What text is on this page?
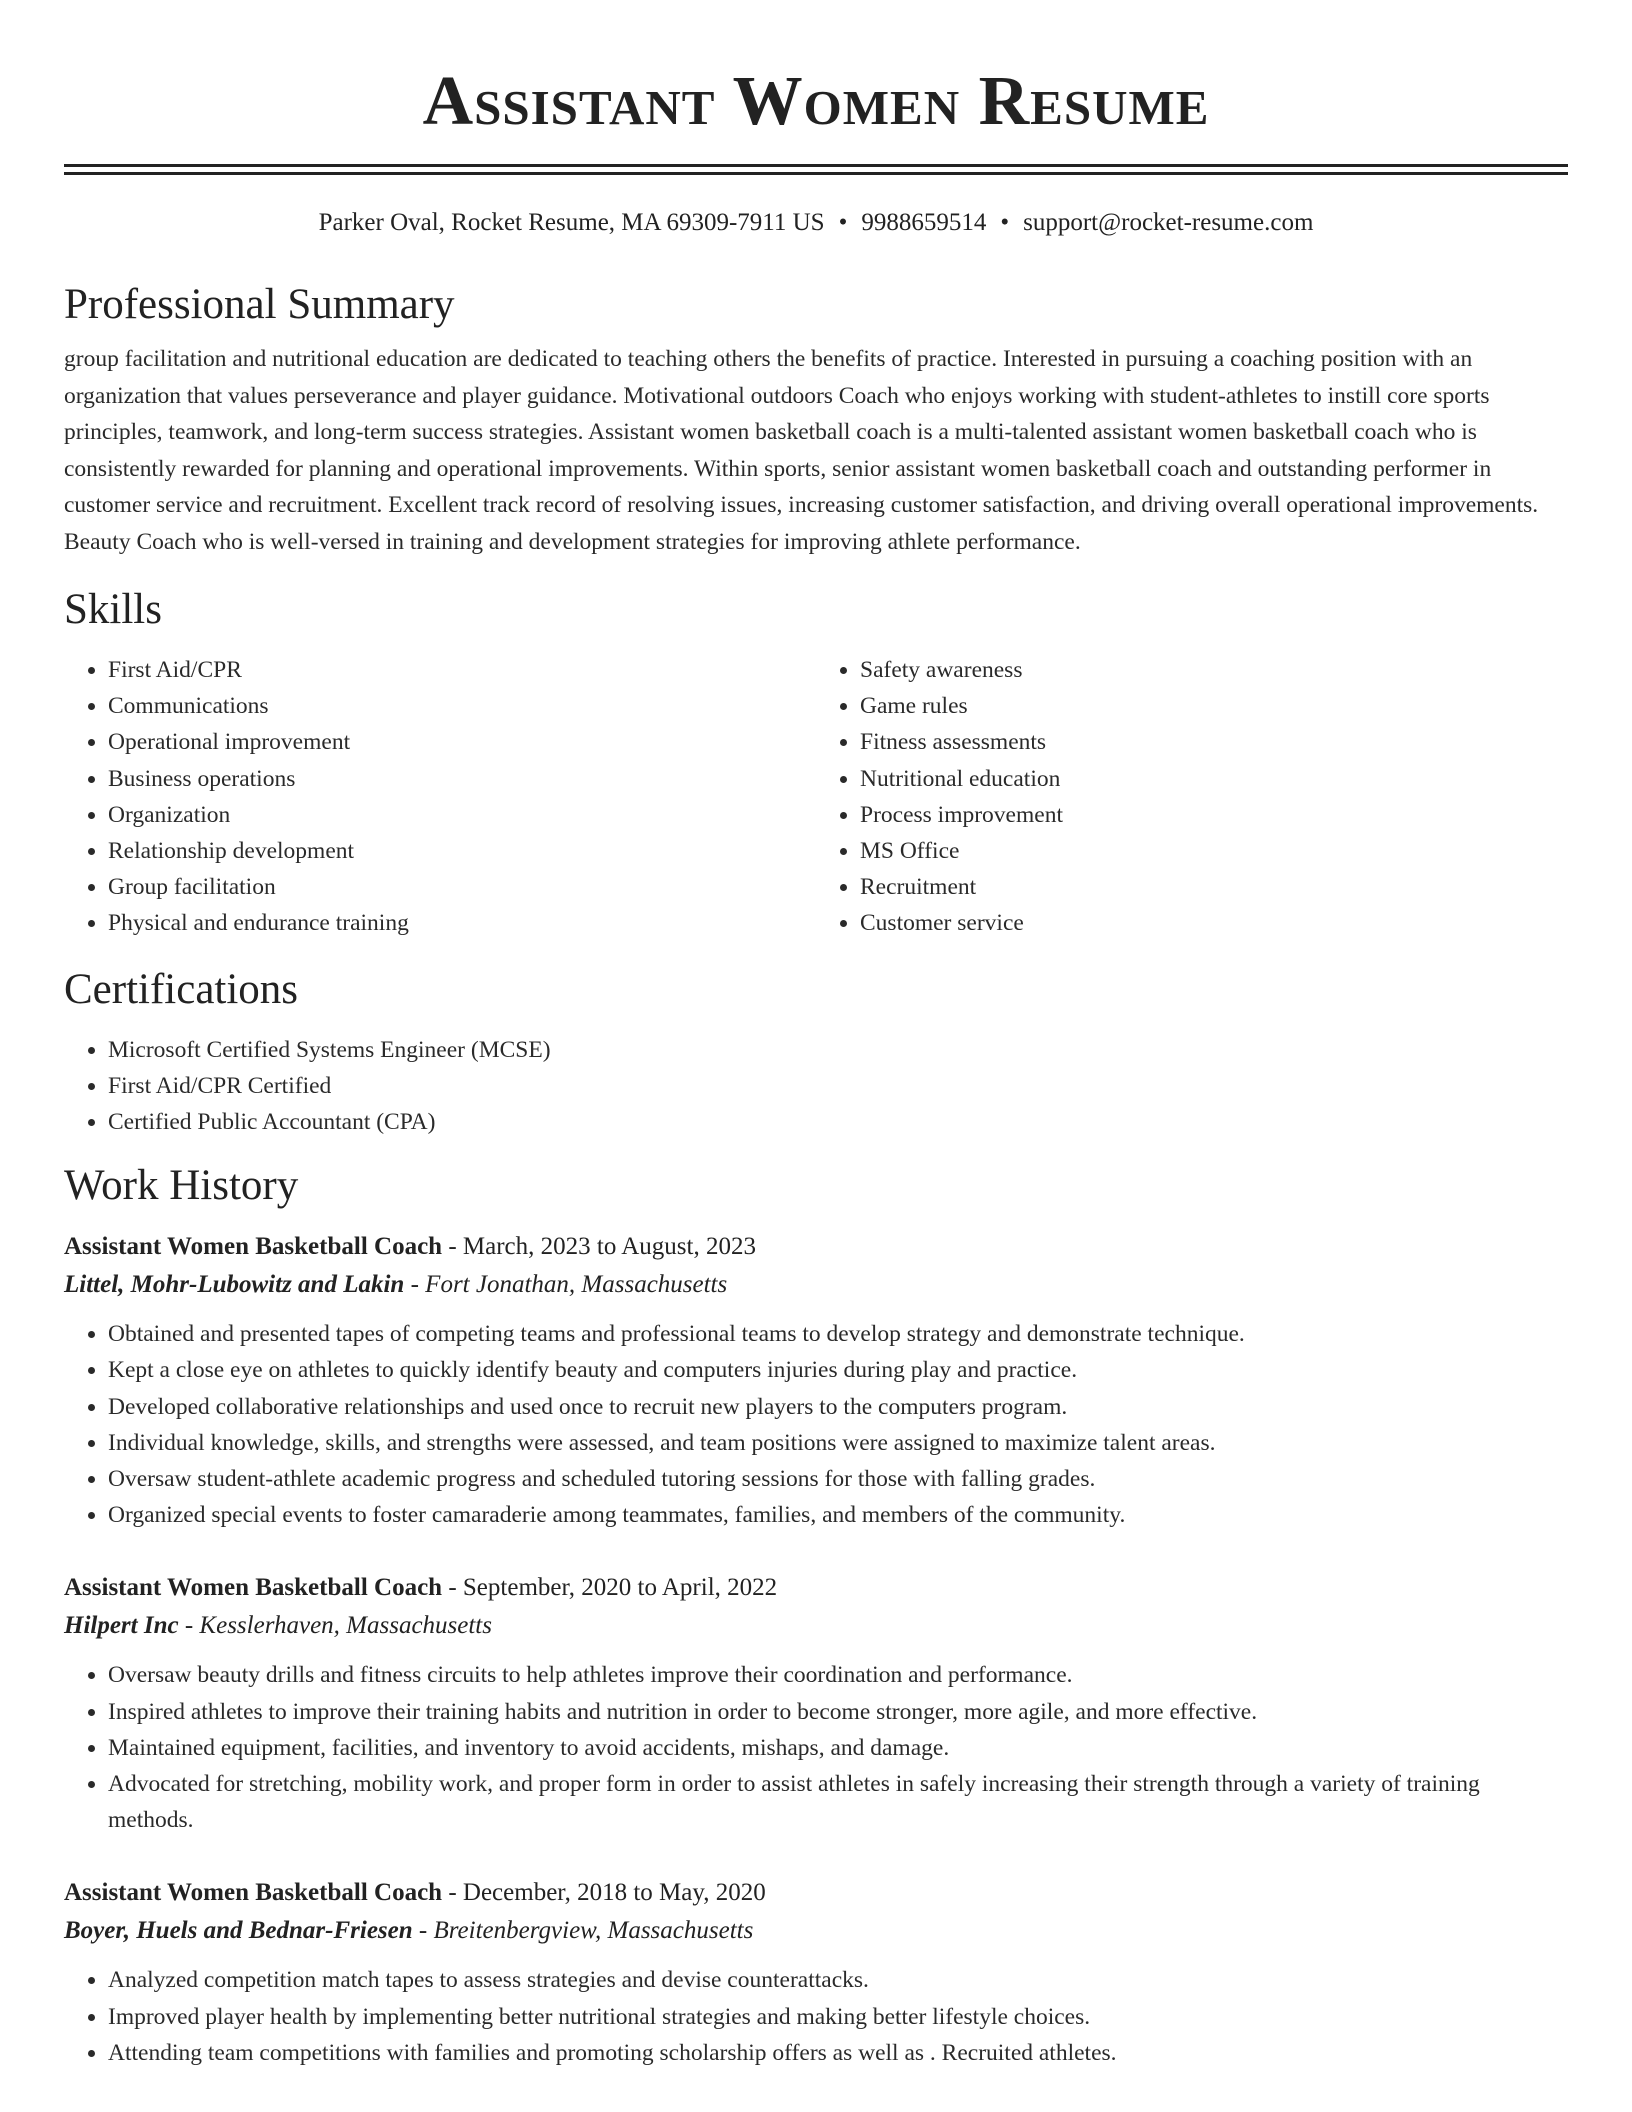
Assistant Women Resume
Parker Oval, Rocket Resume, MA 69309-7911 US • 9988659514 • support@rocket-resume.com
Professional Summary

group facilitation and nutritional education are dedicated to teaching others the benefits of practice. Interested in pursuing a coaching position with an organization that values perseverance and player guidance. Motivational outdoors Coach who enjoys working with student-athletes to instill core sports principles, teamwork, and long-term success strategies. Assistant women basketball coach is a multi-talented assistant women basketball coach who is consistently rewarded for planning and operational improvements. Within sports, senior assistant women basketball coach and outstanding performer in customer service and recruitment. Excellent track record of resolving issues, increasing customer satisfaction, and driving overall operational improvements. Beauty Coach who is well-versed in training and development strategies for improving athlete performance.

Skills
• First Aid/CPR
• Communications
• Operational improvement
• Business operations
• Organization
• Relationship development
• Group facilitation
• Physical and endurance training
• Safety awareness
• Game rules
• Fitness assessments
• Nutritional education
• Process improvement
• MS Office
• Recruitment
• Customer service
Certifications
• Microsoft Certified Systems Engineer (MCSE)
• First Aid/CPR Certified
• Certified Public Accountant (CPA)
Work History
Assistant Women Basketball Coach - March, 2023 to August, 2023
Littel, Mohr-Lubowitz and Lakin - Fort Jonathan, Massachusetts
• Obtained and presented tapes of competing teams and professional teams to develop strategy and demonstrate technique.
• Kept a close eye on athletes to quickly identify beauty and computers injuries during play and practice.
• Developed collaborative relationships and used once to recruit new players to the computers program.
• Individual knowledge, skills, and strengths were assessed, and team positions were assigned to maximize talent areas.
• Oversaw student-athlete academic progress and scheduled tutoring sessions for those with falling grades.
• Organized special events to foster camaraderie among teammates, families, and members of the community.
Assistant Women Basketball Coach - September, 2020 to April, 2022
Hilpert Inc - Kesslerhaven, Massachusetts
• Oversaw beauty drills and fitness circuits to help athletes improve their coordination and performance.
• Inspired athletes to improve their training habits and nutrition in order to become stronger, more agile, and more effective.
• Maintained equipment, facilities, and inventory to avoid accidents, mishaps, and damage.
• Advocated for stretching, mobility work, and proper form in order to assist athletes in safely increasing their strength through a variety of training methods.
Assistant Women Basketball Coach - December, 2018 to May, 2020
Boyer, Huels and Bednar-Friesen - Breitenbergview, Massachusetts
• Analyzed competition match tapes to assess strategies and devise counterattacks.
• Improved player health by implementing better nutritional strategies and making better lifestyle choices.
• Attending team competitions with families and promoting scholarship offers as well as . Recruited athletes.
